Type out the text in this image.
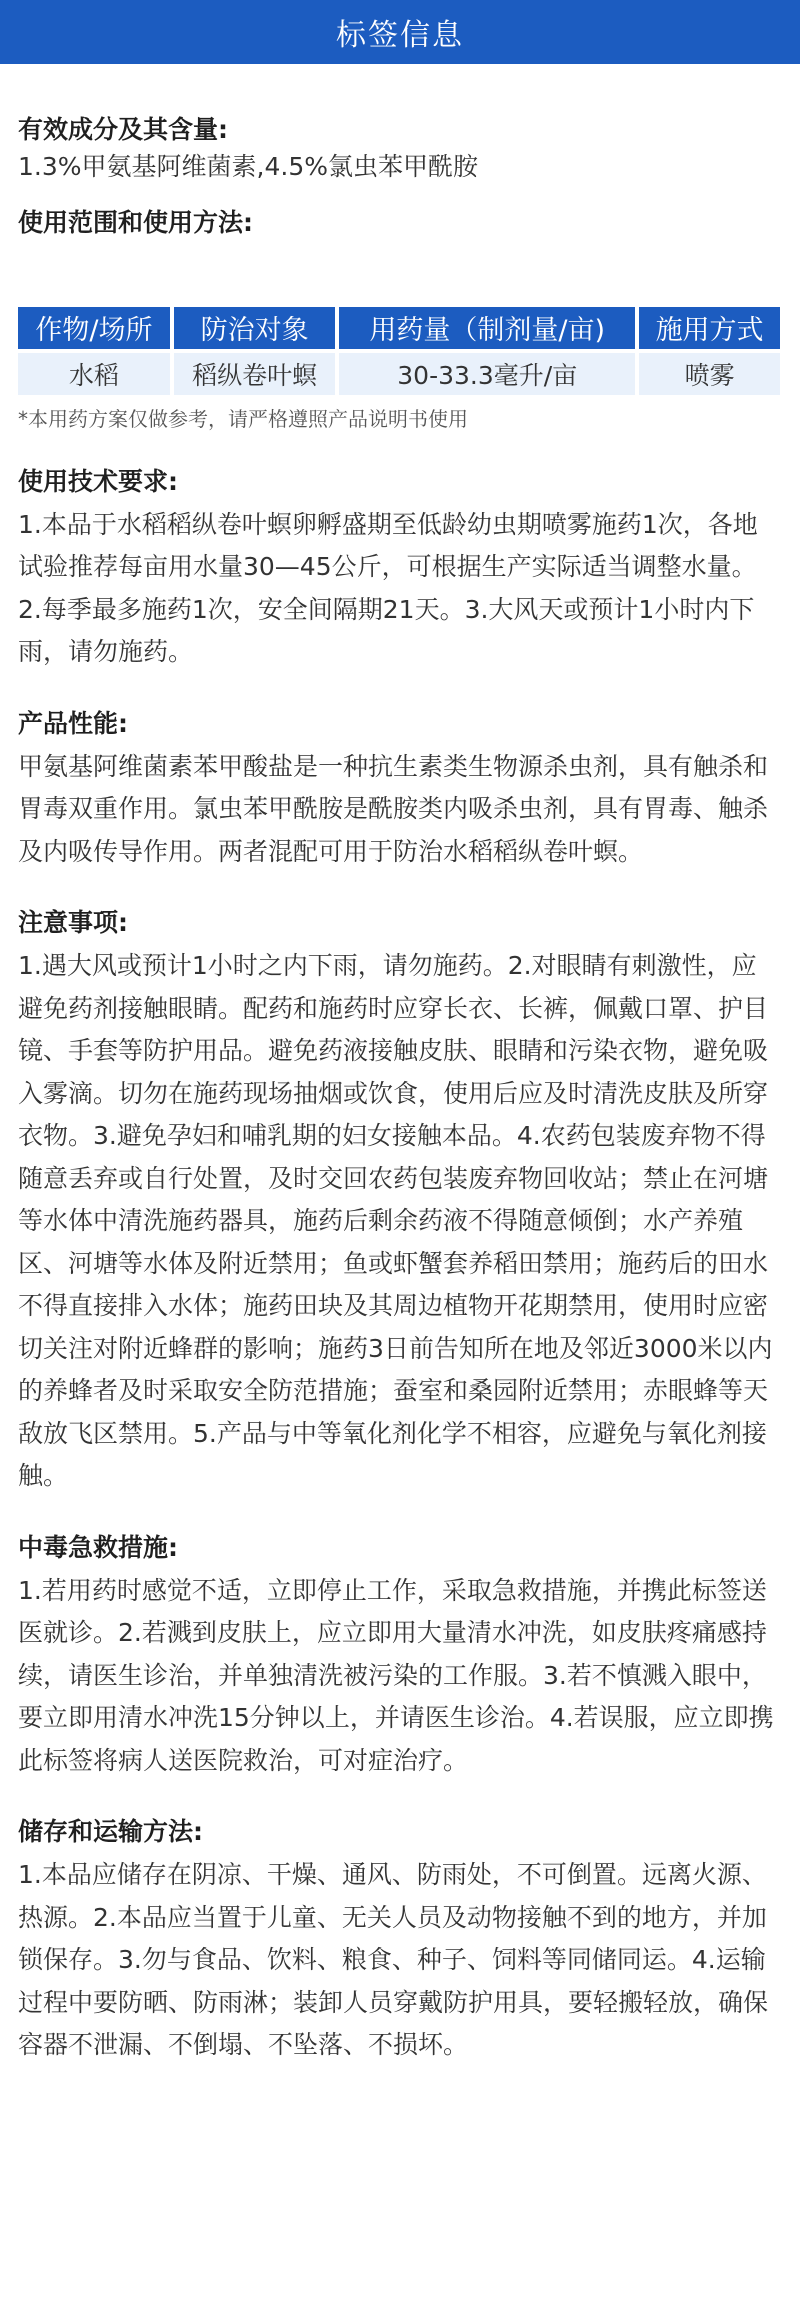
标签信息

有效成分及其含量:

1.3%甲氨基阿维菌素,4.5%氯虫苯甲酰胺

使用范围和使用方法:

作物/场所	防治对象	用药量（制剂量/亩)	施用方式
水稻	稻纵卷叶螟	30-33.3毫升/亩	喷雾

*本用药方案仅做参考，请严格遵照产品说明书使用

使用技术要求:

1.本品于水稻稻纵卷叶螟卵孵盛期至低龄幼虫期喷雾施药1次，各地试验推荐每亩用水量30—45公斤，可根据生产实际适当调整水量。2.每季最多施药1次，安全间隔期21天。3.大风天或预计1小时内下雨，请勿施药。

产品性能:

甲氨基阿维菌素苯甲酸盐是一种抗生素类生物源杀虫剂，具有触杀和胃毒双重作用。氯虫苯甲酰胺是酰胺类内吸杀虫剂，具有胃毒、触杀及内吸传导作用。两者混配可用于防治水稻稻纵卷叶螟。

注意事项:

1.遇大风或预计1小时之内下雨，请勿施药。2.对眼睛有刺激性，应避免药剂接触眼睛。配药和施药时应穿长衣、长裤，佩戴口罩、护目镜、手套等防护用品。避免药液接触皮肤、眼睛和污染衣物，避免吸入雾滴。切勿在施药现场抽烟或饮食，使用后应及时清洗皮肤及所穿衣物。3.避免孕妇和哺乳期的妇女接触本品。4.农药包装废弃物不得随意丢弃或自行处置，及时交回农药包装废弃物回收站；禁止在河塘等水体中清洗施药器具，施药后剩余药液不得随意倾倒；水产养殖区、河塘等水体及附近禁用；鱼或虾蟹套养稻田禁用；施药后的田水不得直接排入水体；施药田块及其周边植物开花期禁用，使用时应密切关注对附近蜂群的影响；施药3日前告知所在地及邻近3000米以内的养蜂者及时采取安全防范措施；蚕室和桑园附近禁用；赤眼蜂等天敌放飞区禁用。5.产品与中等氧化剂化学不相容，应避免与氧化剂接触。

中毒急救措施:

1.若用药时感觉不适，立即停止工作，采取急救措施，并携此标签送医就诊。2.若溅到皮肤上，应立即用大量清水冲洗，如皮肤疼痛感持续，请医生诊治，并单独清洗被污染的工作服。3.若不慎溅入眼中，要立即用清水冲洗15分钟以上，并请医生诊治。4.若误服，应立即携此标签将病人送医院救治，可对症治疗。

储存和运输方法:

1.本品应储存在阴凉、干燥、通风、防雨处，不可倒置。远离火源、热源。2.本品应当置于儿童、无关人员及动物接触不到的地方，并加锁保存。3.勿与食品、饮料、粮食、种子、饲料等同储同运。4.运输过程中要防晒、防雨淋；装卸人员穿戴防护用具，要轻搬轻放，确保容器不泄漏、不倒塌、不坠落、不损坏。
